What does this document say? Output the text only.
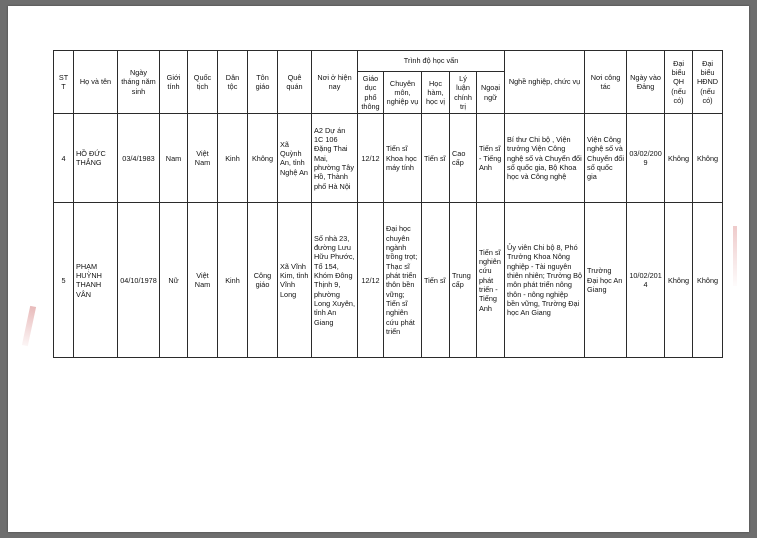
ST T	Họ và tên	Ngày tháng năm sinh	Giới tính	Quốc tịch	Dân tộc	Tôn giáo	Quê quán	Nơi ở hiện nay	Trình độ học vấn					Nghề nghiệp, chức vụ	Nơi công tác	Ngày vào Đảng	Đại biểu QH (nếu có)	Đại biểu HĐND (nếu có)
									Giáo dục phổ thông	Chuyên môn, nghiệp vụ	Học hàm, học vị	Lý luận chính trị	Ngoại ngữ					
4	HỒ ĐỨC THẮNG	03/4/1983	Nam	Việt Nam	Kinh	Không	Xã Quỳnh An, tỉnh Nghệ An	A2 Dự án 1C 106 Đặng Thai Mai, phường Tây Hồ, Thành phố Hà Nội	12/12	Tiến sĩ Khoa học máy tính	Tiến sĩ	Cao cấp	Tiến sĩ - Tiếng Anh	Bí thư Chi bộ , Viện trưởng Viện Công nghệ số và Chuyển đổi số quốc gia, Bộ Khoa học và Công nghệ	Viện Công nghệ số và Chuyển đổi số quốc gia	03/02/2009	Không	Không
5	PHẠM HUỲNH THANH VÂN	04/10/1978	Nữ	Việt Nam	Kinh	Công giáo	Xã Vĩnh Kim, tỉnh Vĩnh Long	Số nhà 23, đường Lưu Hữu Phước, Tổ 154, Khóm Đông Thịnh 9, phường Long Xuyên, tỉnh An Giang	12/12	Đại học chuyên ngành trồng trọt; Thạc sĩ phát triển thôn bền vững; Tiến sĩ nghiên cứu phát triển	Tiến sĩ	Trung cấp	Tiến sĩ nghiên cứu phát triển - Tiếng Anh	Ủy viên Chi bộ 8, Phó Trưởng Khoa Nông nghiệp - Tài nguyên thiên nhiên; Trưởng Bộ môn phát triển nông thôn - nông nghiệp bền vững, Trường Đại học An Giang	Trường Đại học An Giang	10/02/2014	Không	Không
